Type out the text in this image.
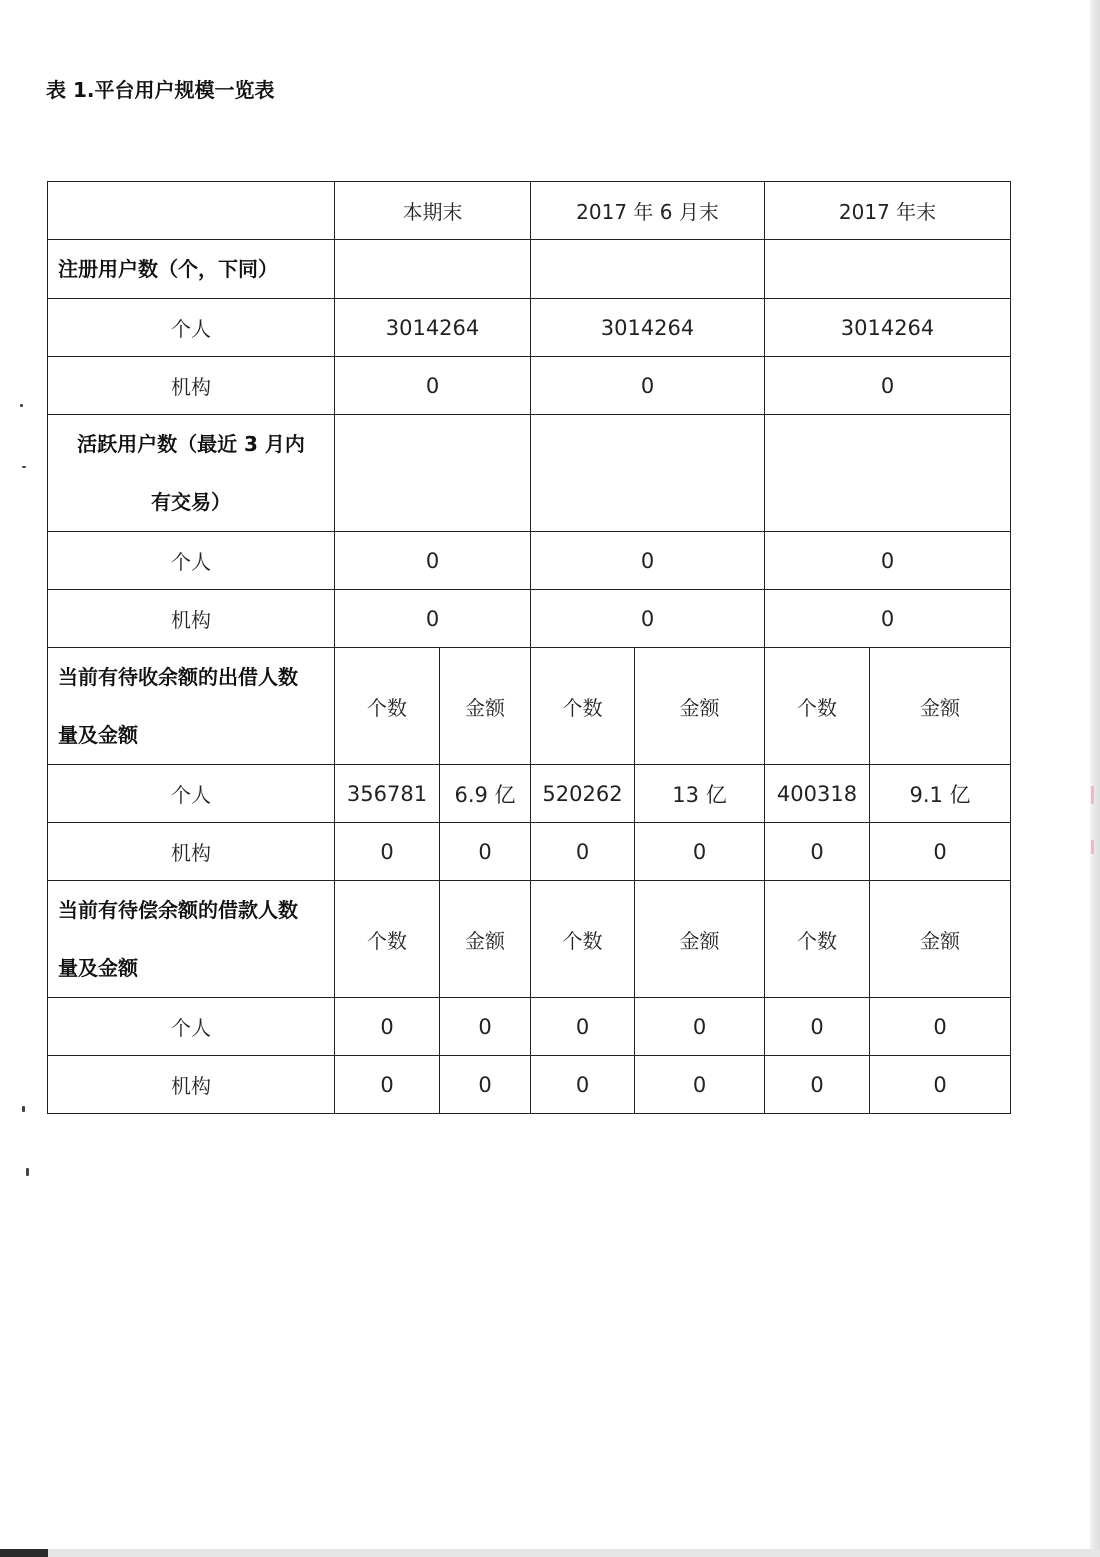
表 1.平台用户规模一览表
	本期末		2017 年 6 月末		2017 年末	
注册用户数（个，下同）						
个人	3014264		3014264		3014264	
机构	0		0		0	

活跃用户数（最近 3 月内
有交易）						

个人	0		0		0	
机构	0		0		0	

当前有待收余额的出借人数
量及金额	个数	金额	个数	金额	个数	金额
个人	356781	6.9 亿	520262	13 亿	400318	9.1 亿
机构	0	0	0	0	0	0

当前有待偿余额的借款人数
量及金额	个数	金额	个数	金额	个数	金额
个人	0	0	0	0	0	0
机构	0	0	0	0	0	0
